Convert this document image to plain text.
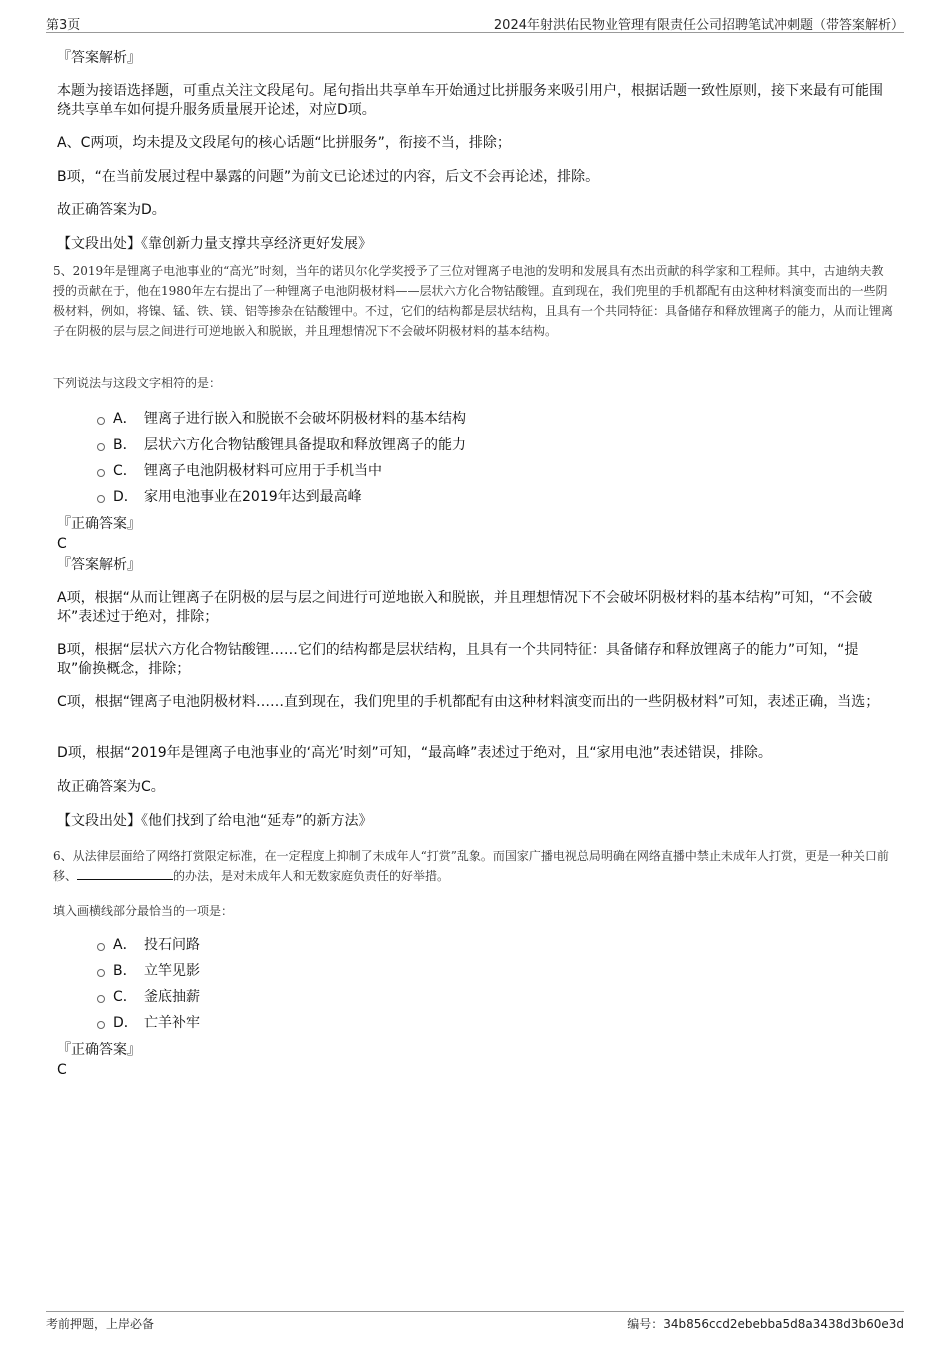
第3页	2024年射洪佑民物业管理有限责任公司招聘笔试冲刺题（带答案解析）

『答案解析』

本题为接语选择题，可重点关注文段尾句。尾句指出共享单车开始通过比拼服务来吸引用户，根据话题一致性原则，接下来最有可能围绕共享单车如何提升服务质量展开论述，对应D项。

A、C两项，均未提及文段尾句的核心话题“比拼服务”，衔接不当，排除；

B项，“在当前发展过程中暴露的问题”为前文已论述过的内容，后文不会再论述，排除。

故正确答案为D。

【文段出处】《靠创新力量支撑共享经济更好发展》

5、2019年是锂离子电池事业的“高光”时刻，当年的诺贝尔化学奖授予了三位对锂离子电池的发明和发展具有杰出贡献的科学家和工程师。其中，古迪纳夫教授的贡献在于，他在1980年左右提出了一种锂离子电池阴极材料——层状六方化合物钴酸锂。直到现在，我们兜里的手机都配有由这种材料演变而出的一些阴极材料，例如，将镍、锰、铁、镁、铝等掺杂在钴酸锂中。不过，它们的结构都是层状结构，且具有一个共同特征：具备储存和释放锂离子的能力，从而让锂离子在阴极的层与层之间进行可逆地嵌入和脱嵌，并且理想情况下不会破坏阴极材料的基本结构。

下列说法与这段文字相符的是：

A． 锂离子进行嵌入和脱嵌不会破坏阴极材料的基本结构
B． 层状六方化合物钴酸锂具备提取和释放锂离子的能力
C． 锂离子电池阴极材料可应用于手机当中
D． 家用电池事业在2019年达到最高峰

『正确答案』

C

『答案解析』

A项，根据“从而让锂离子在阴极的层与层之间进行可逆地嵌入和脱嵌，并且理想情况下不会破坏阴极材料的基本结构”可知，“不会破坏”表述过于绝对，排除；

B项，根据“层状六方化合物钴酸锂……它们的结构都是层状结构，且具有一个共同特征：具备储存和释放锂离子的能力”可知，“提取”偷换概念，排除；

C项，根据“锂离子电池阴极材料……直到现在，我们兜里的手机都配有由这种材料演变而出的一些阴极材料”可知，表述正确，当选；

D项，根据“2019年是锂离子电池事业的‘高光’时刻”可知，“最高峰”表述过于绝对，且“家用电池”表述错误，排除。

故正确答案为C。

【文段出处】《他们找到了给电池“延寿”的新方法》

6、从法律层面给了网络打赏限定标准，在一定程度上抑制了未成年人“打赏”乱象。而国家广播电视总局明确在网络直播中禁止未成年人打赏，更是一种关口前移、	的办法，是对未成年人和无数家庭负责任的好举措。

填入画横线部分最恰当的一项是：

A． 投石问路
B． 立竿见影
C． 釜底抽薪
D． 亡羊补牢

『正确答案』

C

考前押题，上岸必备	编号：34b856ccd2ebebba5d8a3438d3b60e3d
